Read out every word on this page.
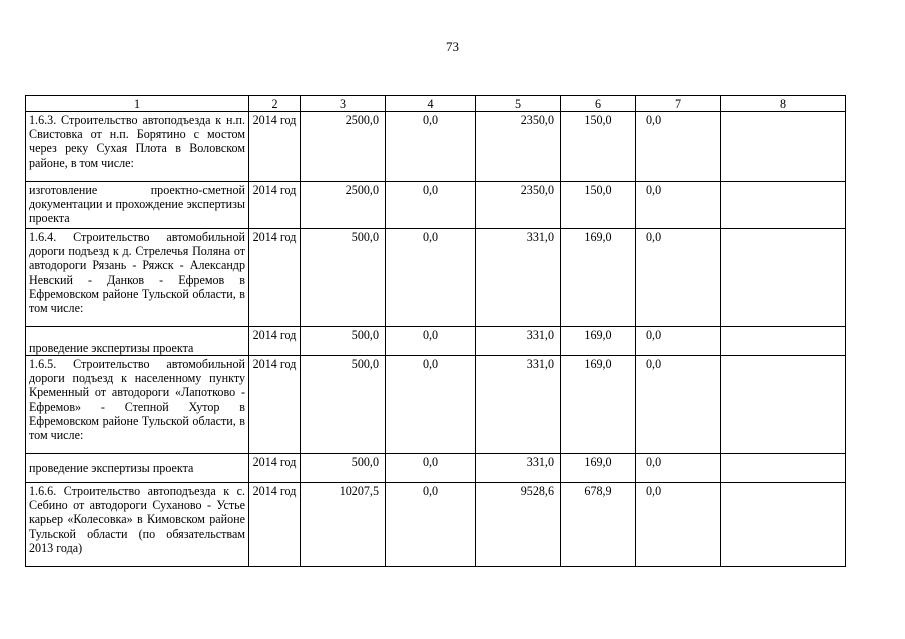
73
1	2	3	4	5	6	7	8
1.6.3. Строительство автоподъезда к н.п. Свистовка от н.п. Борятино с мостом через реку Сухая Плота в Воловском районе, в том числе:	2014 год	2500,0	0,0	2350,0	150,0	0,0	
изготовление проектно-сметной документации и прохождение экспертизы проекта	2014 год	2500,0	0,0	2350,0	150,0	0,0	
1.6.4. Строительство автомобильной дороги подъезд к д. Стрелечья Поляна от автодороги Рязань - Ряжск - Александр Невский - Данков - Ефремов в Ефремовском районе Тульской области, в том числе:	2014 год	500,0	0,0	331,0	169,0	0,0	
проведение экспертизы проекта	2014 год	500,0	0,0	331,0	169,0	0,0	
1.6.5. Строительство автомобильной дороги подъезд к населенному пункту Кременный от автодороги «Лапотково - Ефремов» - Степной Хутор в Ефремовском районе Тульской области, в том числе:	2014 год	500,0	0,0	331,0	169,0	0,0	
проведение экспертизы проекта	2014 год	500,0	0,0	331,0	169,0	0,0	
1.6.6. Строительство автоподъезда к с. Себино от автодороги Суханово - Устье карьер «Колесовка» в Кимовском районе Тульской области (по обязательствам 2013 года)	2014 год	10207,5	0,0	9528,6	678,9	0,0	
